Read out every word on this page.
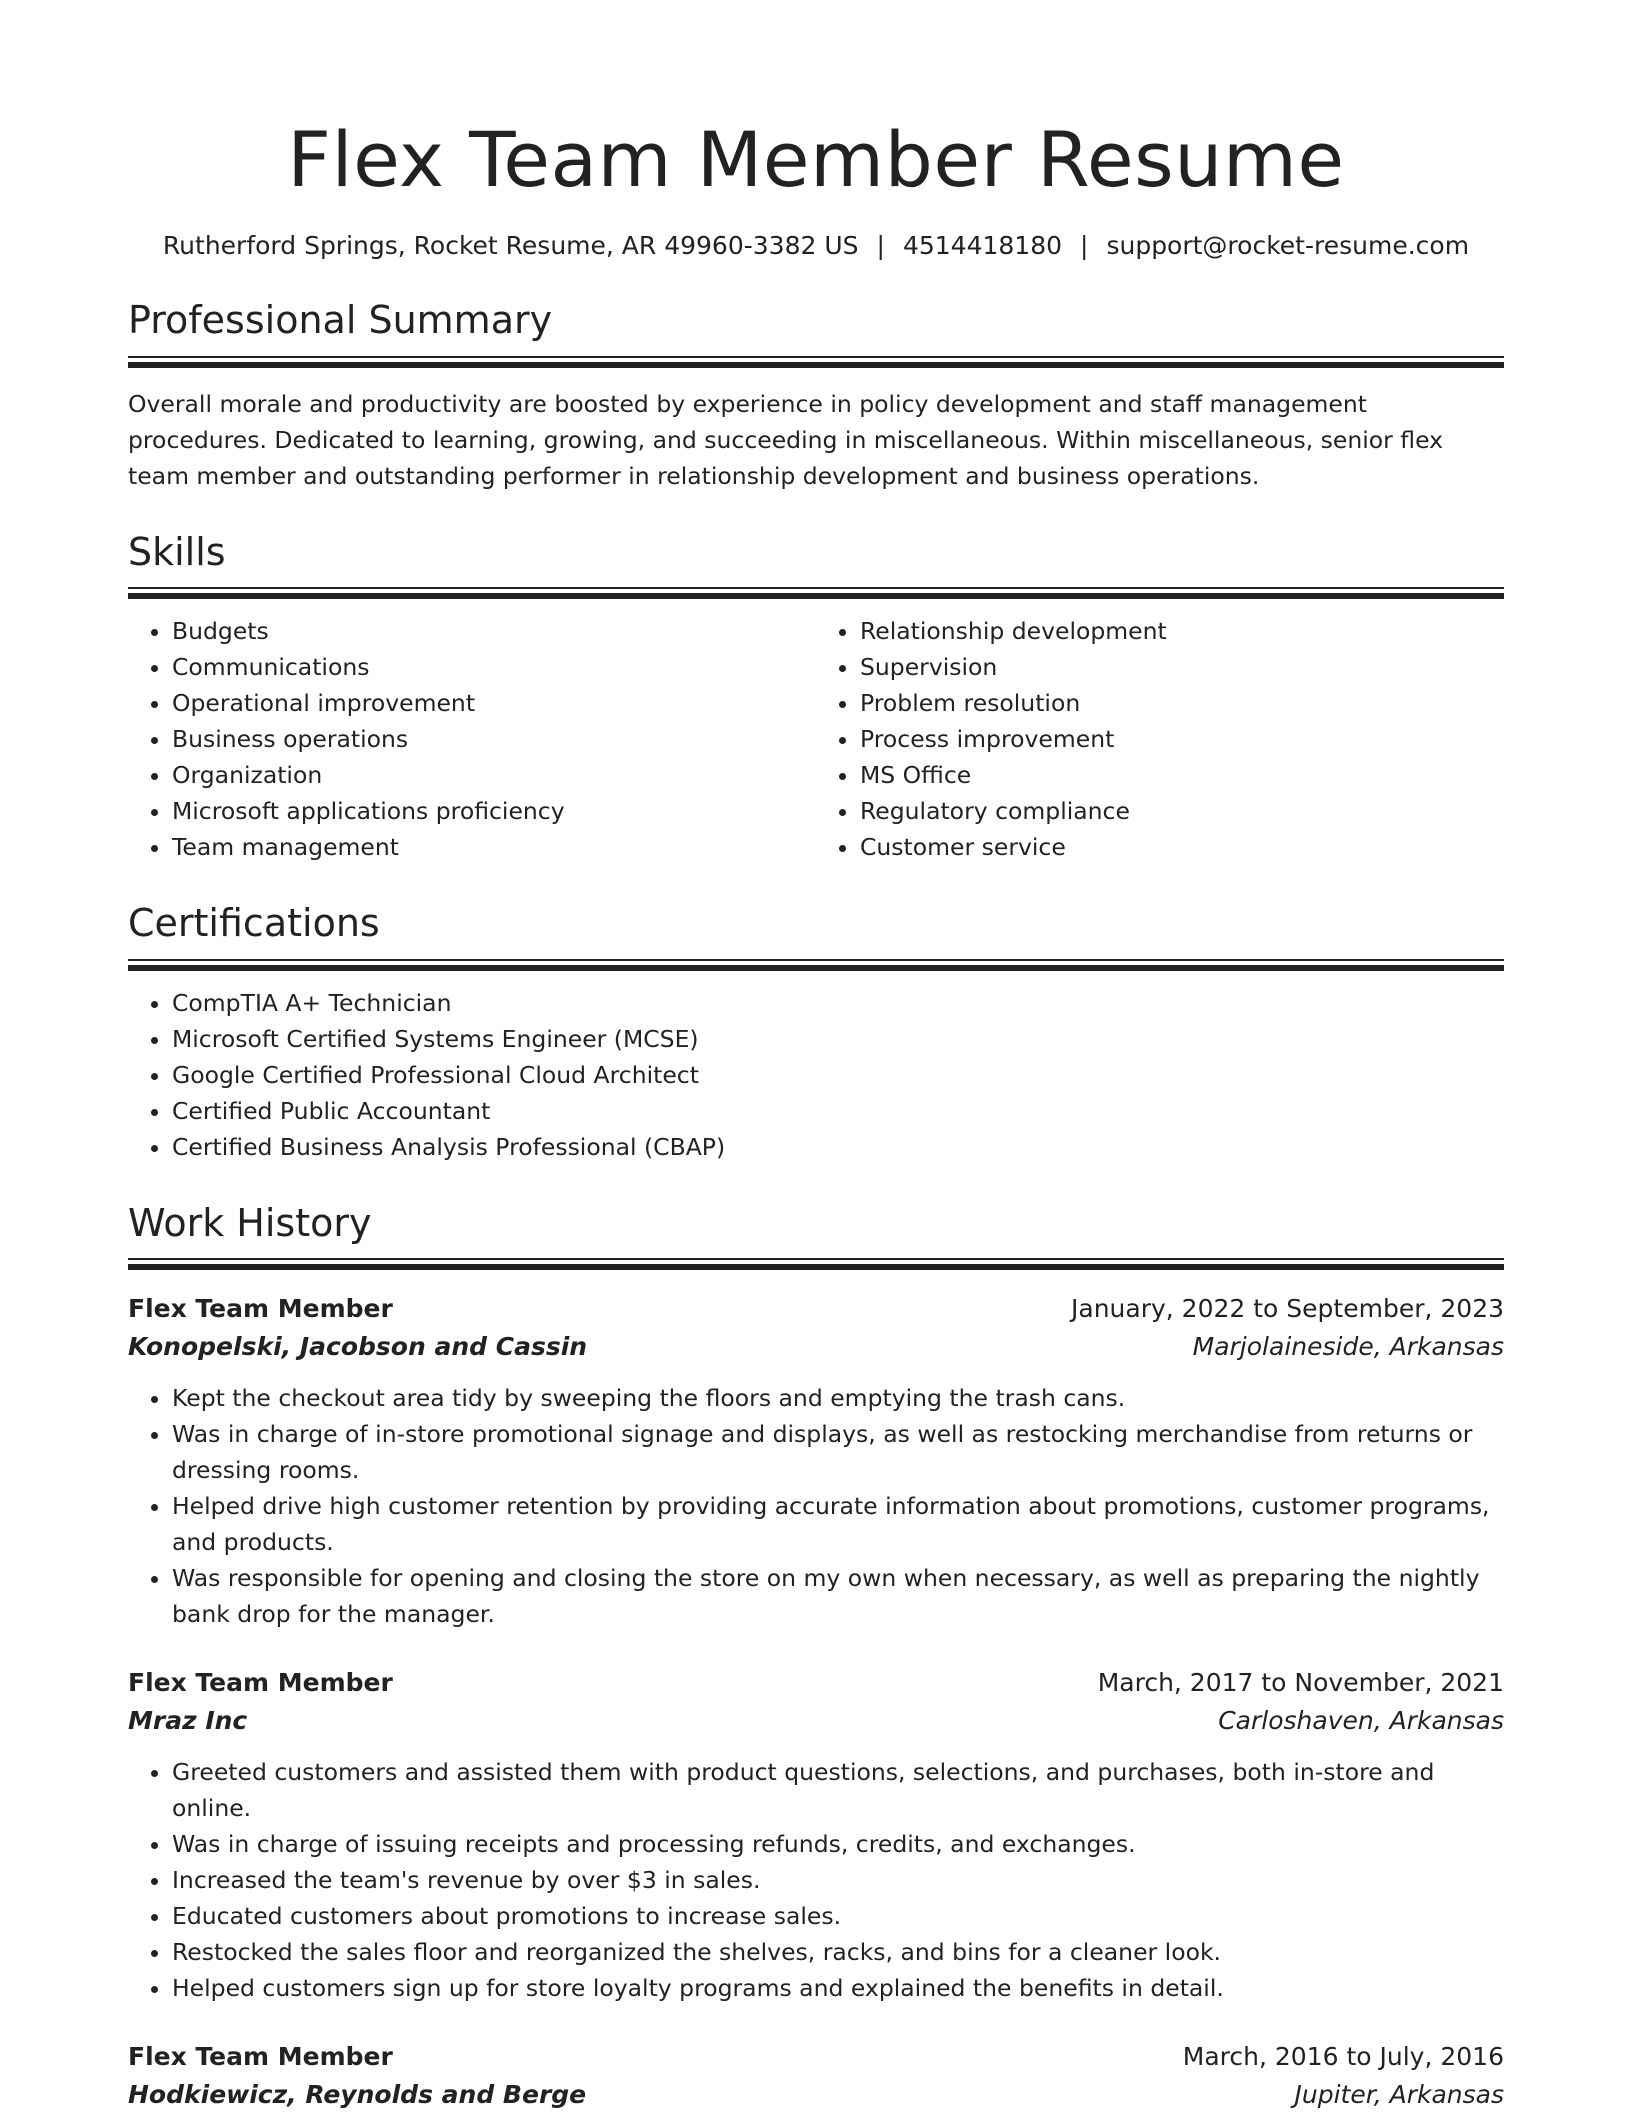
Flex Team Member Resume
Rutherford Springs, Rocket Resume, AR 49960-3382 US | 4514418180 | support@rocket-resume.com
Professional Summary
Overall morale and productivity are boosted by experience in policy development and staff management procedures. Dedicated to learning, growing, and succeeding in miscellaneous. Within miscellaneous, senior flex team member and outstanding performer in relationship development and business operations.
Skills
• Budgets
• Communications
• Operational improvement
• Business operations
• Organization
• Microsoft applications proficiency
• Team management
• Relationship development
• Supervision
• Problem resolution
• Process improvement
• MS Office
• Regulatory compliance
• Customer service
Certifications
• CompTIA A+ Technician
• Microsoft Certified Systems Engineer (MCSE)
• Google Certified Professional Cloud Architect
• Certified Public Accountant
• Certified Business Analysis Professional (CBAP)
Work History
Flex Team Member	January, 2022 to September, 2023
Konopelski, Jacobson and Cassin	Marjolaineside, Arkansas
• Kept the checkout area tidy by sweeping the floors and emptying the trash cans.
• Was in charge of in-store promotional signage and displays, as well as restocking merchandise from returns or dressing rooms.
• Helped drive high customer retention by providing accurate information about promotions, customer programs, and products.
• Was responsible for opening and closing the store on my own when necessary, as well as preparing the nightly bank drop for the manager.
Flex Team Member	March, 2017 to November, 2021
Mraz Inc	Carloshaven, Arkansas
• Greeted customers and assisted them with product questions, selections, and purchases, both in-store and online.
• Was in charge of issuing receipts and processing refunds, credits, and exchanges.
• Increased the team's revenue by over $3 in sales.
• Educated customers about promotions to increase sales.
• Restocked the sales floor and reorganized the shelves, racks, and bins for a cleaner look.
• Helped customers sign up for store loyalty programs and explained the benefits in detail.
Flex Team Member	March, 2016 to July, 2016
Hodkiewicz, Reynolds and Berge	Jupiter, Arkansas
